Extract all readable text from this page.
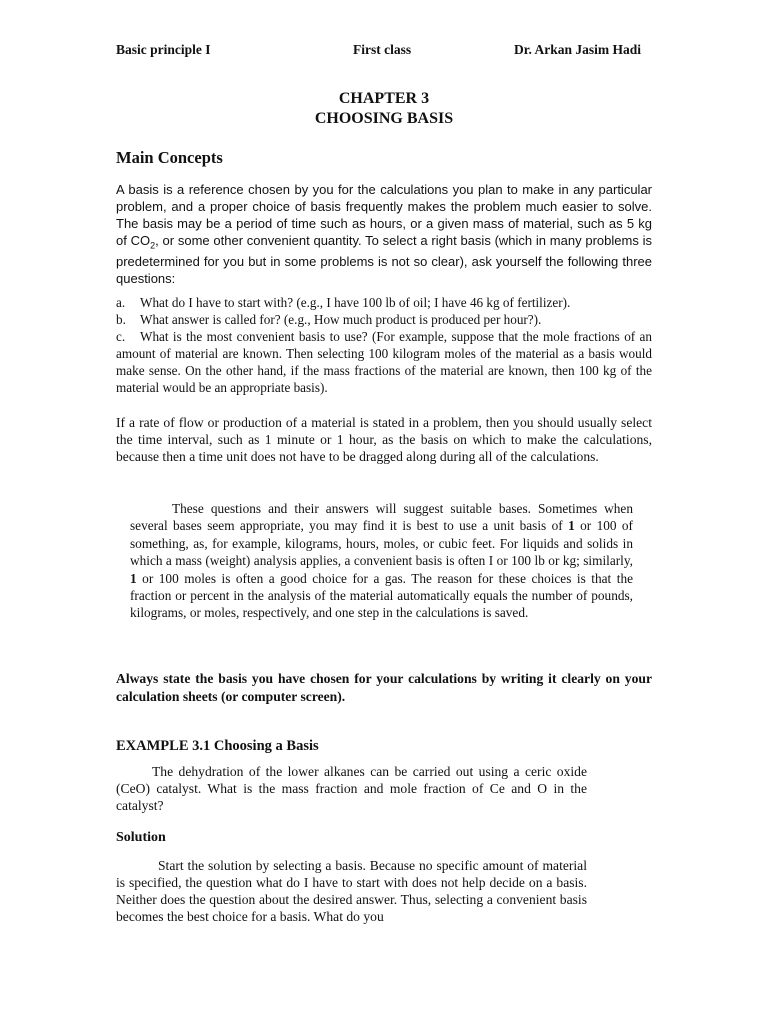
Basic principle I	First class	Dr. Arkan Jasim Hadi
CHAPTER 3
CHOOSING BASIS
Main Concepts

A basis is a reference chosen by you for the calculations you plan to make in any particular problem, and a proper choice of basis frequently makes the problem much easier to solve. The basis may be a period of time such as hours, or a given mass of material, such as 5 kg of $CO_2$, or some other convenient quantity. To select a right basis (which in many problems is predetermined for you but in some problems is not so clear), ask yourself the following three questions:

a. What do I have to start with? (e.g., I have 100 lb of oil; I have 46 kg of fertilizer).

b. What answer is called for? (e.g., How much product is produced per hour?).

c. What is the most convenient basis to use? (For example, suppose that the mole fractions of an amount of material are known. Then selecting 100 kilogram moles of the material as a basis would make sense. On the other hand, if the mass fractions of the material are known, then 100 kg of the material would be an appropriate basis).

If a rate of flow or production of a material is stated in a problem, then you should usually select the time interval, such as 1 minute or 1 hour, as the basis on which to make the calculations, because then a time unit does not have to be dragged along during all of the calculations.

These questions and their answers will suggest suitable bases. Sometimes when several bases seem appropriate, you may find it is best to use a unit basis of 1 or 100 of something, as, for example, kilograms, hours, moles, or cubic feet. For liquids and solids in which a mass (weight) analysis applies, a convenient basis is often I or 100 lb or kg; similarly, 1 or 100 moles is often a good choice for a gas. The reason for these choices is that the fraction or percent in the analysis of the material automatically equals the number of pounds, kilograms, or moles, respectively, and one step in the calculations is saved.

Always state the basis you have chosen for your calculations by writing it clearly on your calculation sheets (or computer screen).

EXAMPLE 3.1 Choosing a Basis

The dehydration of the lower alkanes can be carried out using a ceric oxide (CeO) catalyst. What is the mass fraction and mole fraction of Ce and O in the catalyst?

Solution

Start the solution by selecting a basis. Because no specific amount of material is specified, the question what do I have to start with does not help decide on a basis. Neither does the question about the desired answer. Thus, selecting a convenient basis becomes the best choice for a basis. What do you
